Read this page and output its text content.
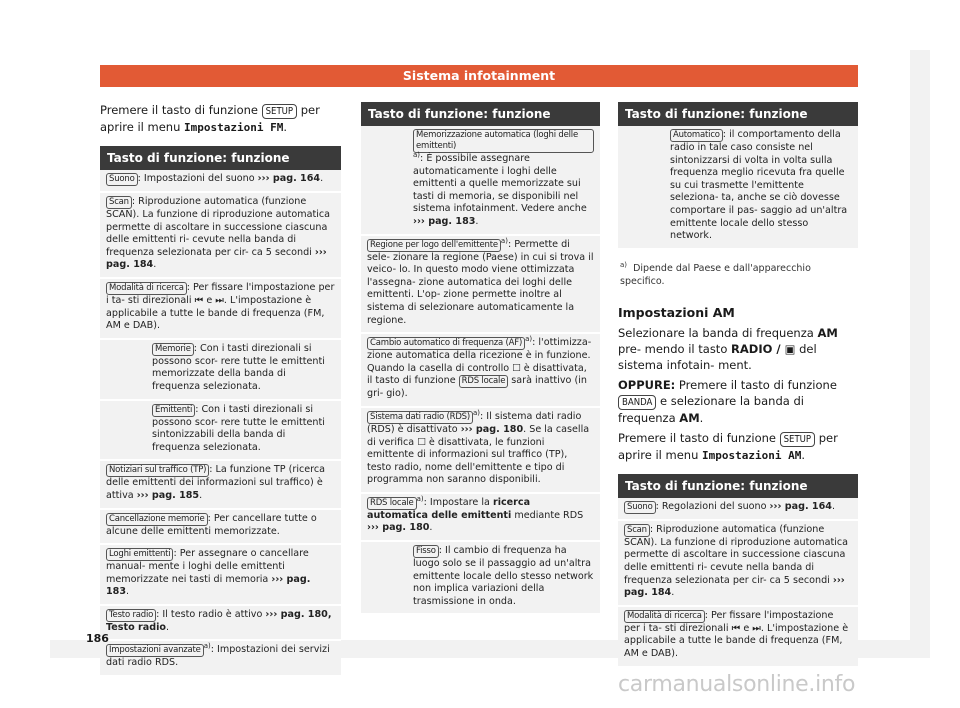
Sistema infotainment

Premere il tasto di funzione SETUP per aprire il menu Impostazioni FM.

Tasto di funzione: funzione
Suono : Impostazioni del suono ››› pag. 164.
Scan : Riproduzione automatica (funzione SCAN). La funzione di riproduzione automatica permette di ascoltare in successione ciascuna delle emittenti ri- cevute nella banda di frequenza selezionata per cir- ca 5 secondi ››› pag. 184.
Modalità di ricerca : Per fissare l'impostazione per i ta- sti direzionali ⏮ e ⏭. L'impostazione è applicabile a tutte le bande di frequenza (FM, AM e DAB).
Memorie : Con i tasti direzionali si possono scor- rere tutte le emittenti memorizzate della banda di frequenza selezionata.
Emittenti : Con i tasti direzionali si possono scor- rere tutte le emittenti sintonizzabili della banda di frequenza selezionata.
Notiziari sul traffico (TP) : La funzione TP (ricerca delle emittenti dei informazioni sul traffico) è attiva ››› pag. 185.
Cancellazione memorie : Per cancellare tutte o alcune delle emittenti memorizzate.
Loghi emittenti : Per assegnare o cancellare manual- mente i loghi delle emittenti memorizzate nei tasti di memoria ››› pag. 183.
Testo radio : Il testo radio è attivo ››› pag. 180, Testo radio.
Impostazioni avanzate $^{a)}$: Impostazioni dei servizi dati radio RDS.
Tasto di funzione: funzione
Memorizzazione automatica (loghi delle emittenti)$^{a)}$: È possibile assegnare automaticamente i loghi delle emittenti a quelle memorizzate sui tasti di memoria, se disponibili nel sistema infotainment. Vedere anche ››› pag. 183.
Regione per logo dell'emittente $^{a)}$: Permette di sele- zionare la regione (Paese) in cui si trova il veico- lo. In questo modo viene ottimizzata l'assegna- zione automatica dei loghi delle emittenti. L'op- zione permette inoltre al sistema di selezionare automaticamente la regione.
Cambio automatico di frequenza (AF) $^{a)}$: l'ottimizza- zione automatica della ricezione è in funzione. Quando la casella di controllo ☐ è disattivata, il tasto di funzione RDS locale sarà inattivo (in gri- gio).
Sistema dati radio (RDS) $^{a)}$: Il sistema dati radio (RDS) è disattivato ››› pag. 180. Se la casella di verifica ☐ è disattivata, le funzioni emittente di informazioni sul traffico (TP), testo radio, nome dell'emittente e tipo di programma non saranno disponibili.
RDS locale $^{a)}$: Impostare la ricerca automatica delle emittenti mediante RDS ››› pag. 180.
Fisso : Il cambio di frequenza ha luogo solo se il passaggio ad un'altra emittente locale dello stesso network non implica variazioni della trasmissione in onda.
Tasto di funzione: funzione
Automatico : il comportamento della radio in tale caso consiste nel sintonizzarsi di volta in volta sulla frequenza meglio ricevuta fra quelle su cui trasmette l'emittente seleziona- ta, anche se ciò dovesse comportare il pas- saggio ad un'altra emittente locale dello stesso network.
$^{a)}$ Dipende dal Paese e dall'apparecchio specifico.
Impostazioni AM

Selezionare la banda di frequenza AM pre- mendo il tasto RADIO / ▣ del sistema infotain- ment.

OPPURE: Premere il tasto di funzione BANDA e selezionare la banda di frequenza AM.

Premere il tasto di funzione SETUP per aprire il menu Impostazioni AM.

Tasto di funzione: funzione
Suono : Regolazioni del suono ››› pag. 164.
Scan : Riproduzione automatica (funzione SCAN). La funzione di riproduzione automatica permette di ascoltare in successione ciascuna delle emittenti ri- cevute nella banda di frequenza selezionata per cir- ca 5 secondi ››› pag. 184.
Modalità di ricerca : Per fissare l'impostazione per i ta- sti direzionali ⏮ e ⏭. L'impostazione è applicabile a tutte le bande di frequenza (FM, AM e DAB).
186
carmanualsonline.info
